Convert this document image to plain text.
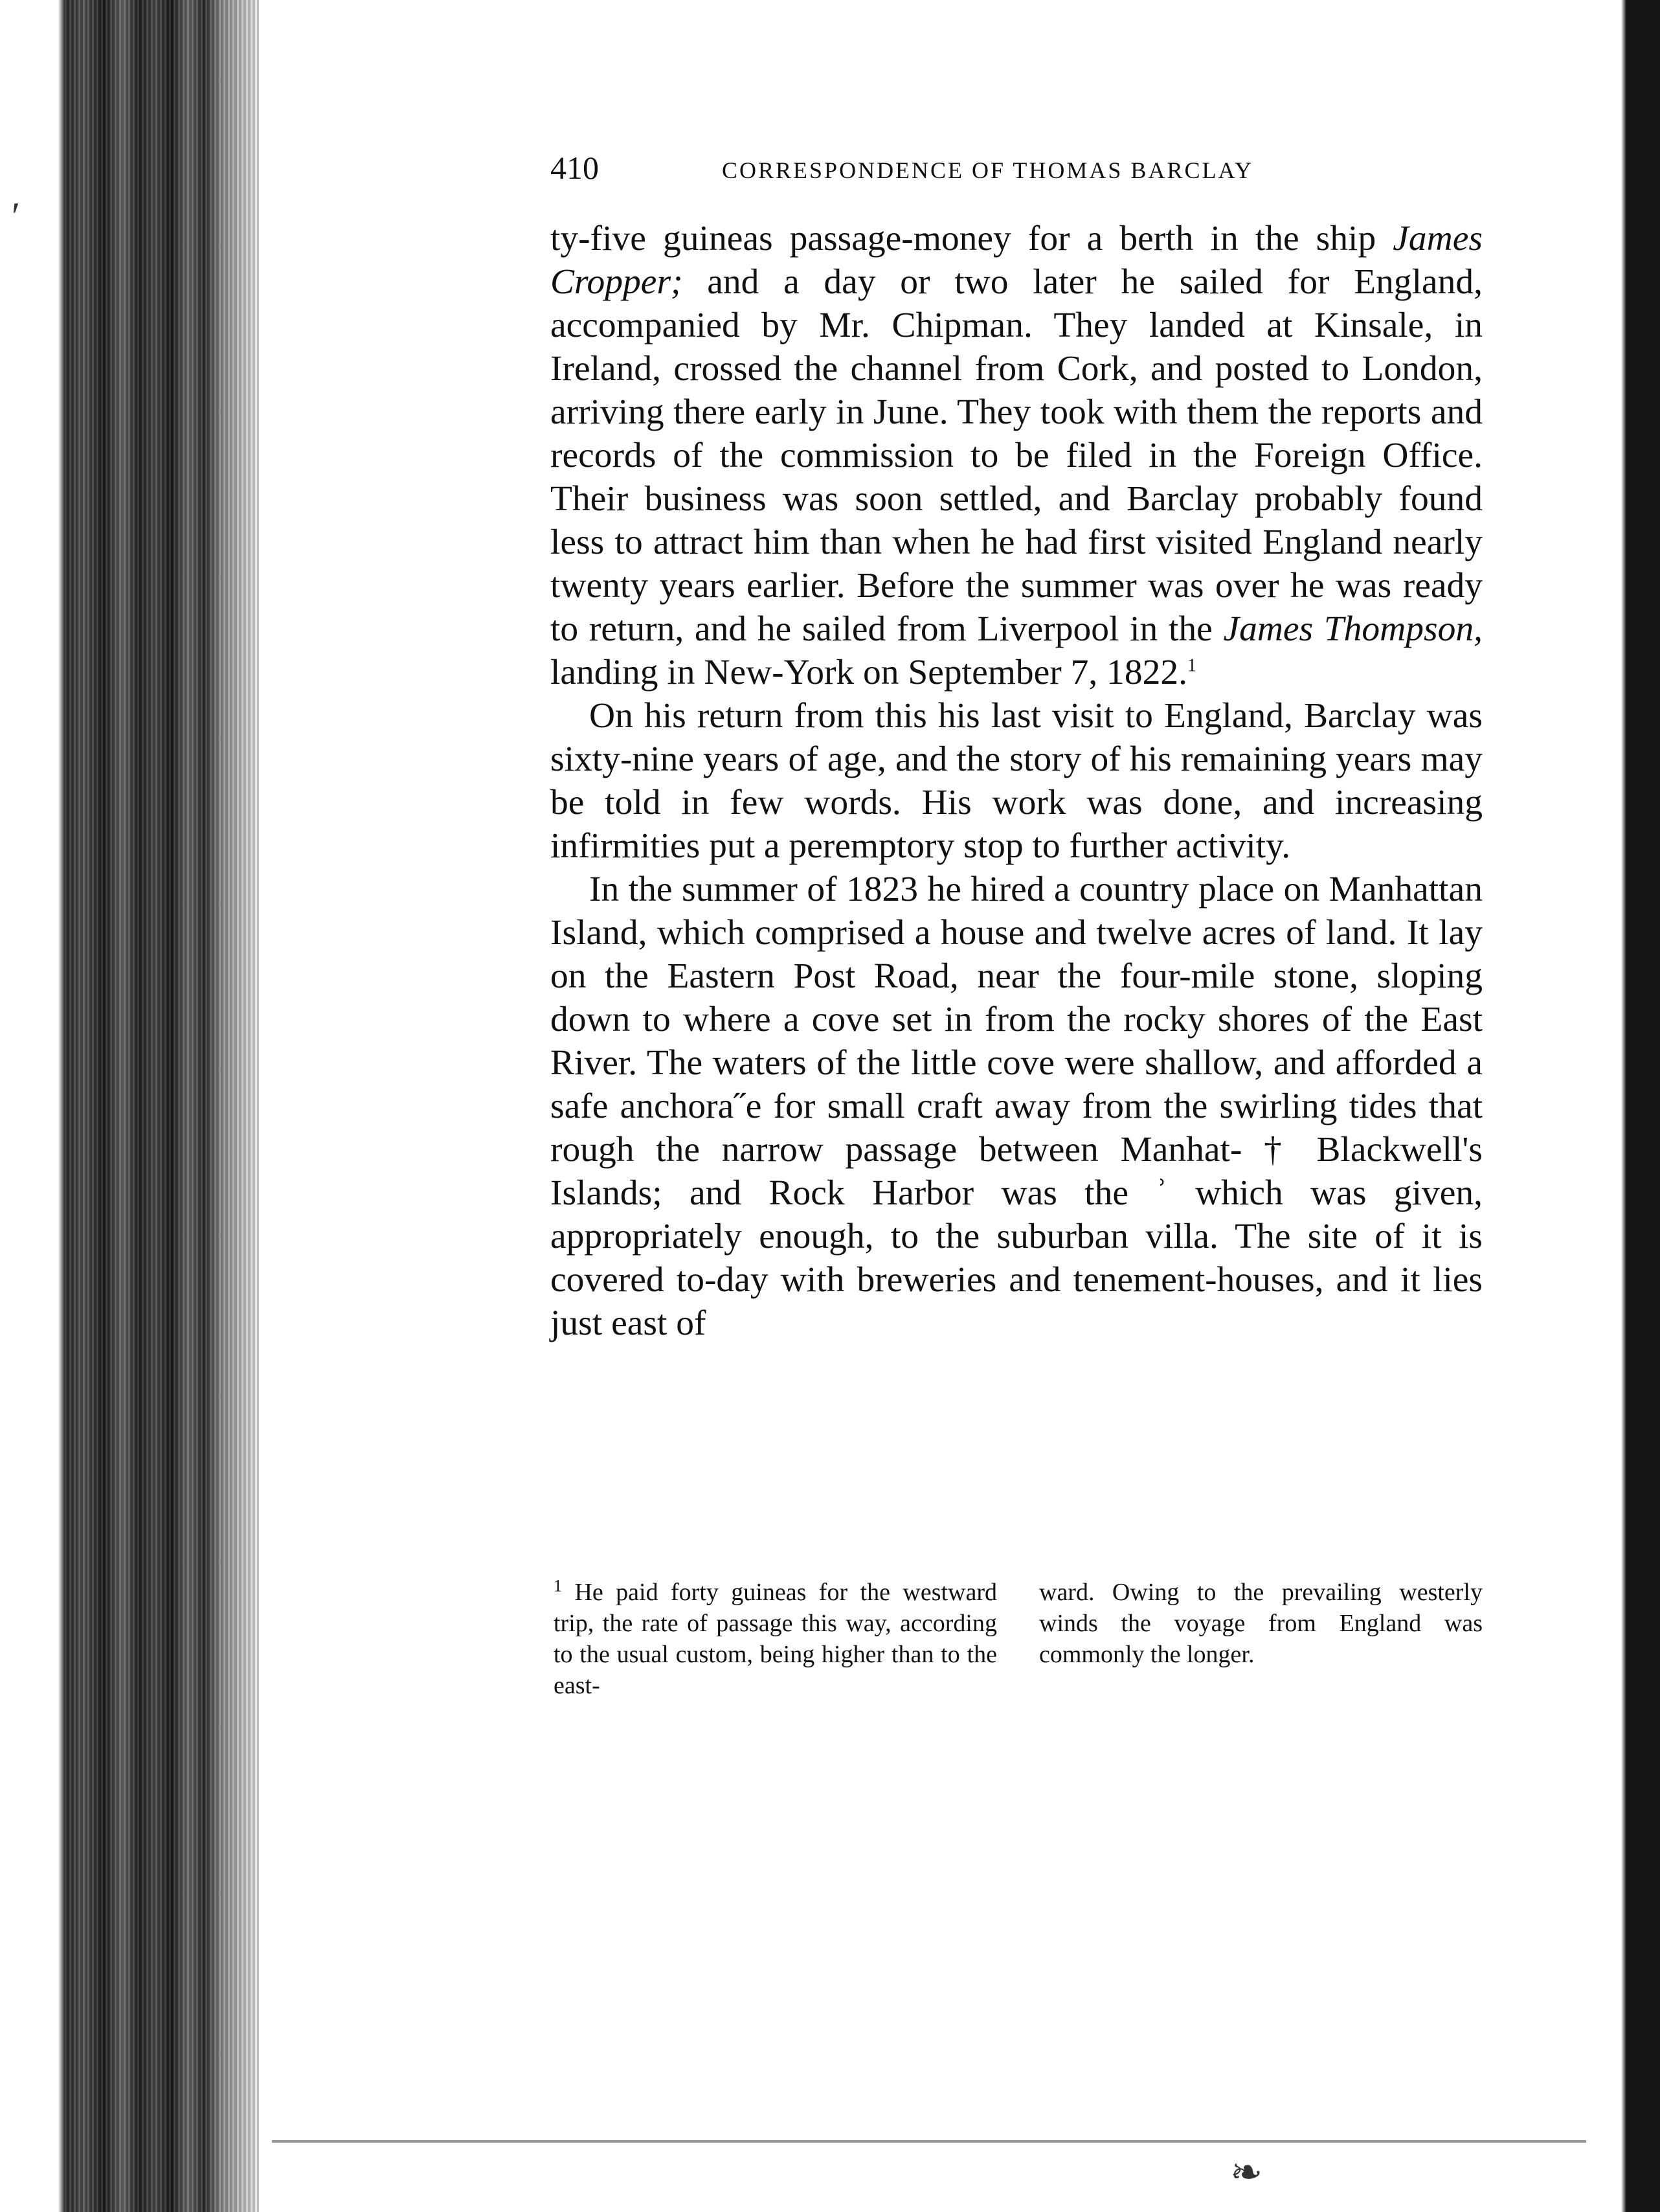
′
❧
410	CORRESPONDENCE OF THOMAS BARCLAY

ty-five guineas passage-money for a berth in the ship James Cropper; and a day or two later he sailed for England, accompanied by Mr. Chipman. They landed at Kinsale, in Ireland, crossed the channel from Cork, and posted to London, arriving there early in June. They took with them the reports and records of the commission to be filed in the Foreign Office. Their business was soon settled, and Barclay probably found less to attract him than when he had first visited England nearly twenty years earlier. Before the summer was over he was ready to return, and he sailed from Liverpool in the James Thompson, landing in New-York on September 7, 1822.$^1$

On his return from this his last visit to England, Barclay was sixty-nine years of age, and the story of his remaining years may be told in few words. His work was done, and increasing infirmities put a peremptory stop to further activity.

In the summer of 1823 he hired a country place on Manhattan Island, which comprised a house and twelve acres of land. It lay on the Eastern Post Road, near the four-mile stone, sloping down to where a cove set in from the rocky shores of the East River. The waters of the little cove were shallow, and afforded a safe anchora˝e for small craft away from the swirling tides that rough the narrow passage between Manhat- † Blackwell's Islands; and Rock Harbor was the ʾ which was given, appropriately enough, to the suburban villa. The site of it is covered to-day with breweries and tenement-houses, and it lies just east of

$^1$ He paid forty guineas for the westward trip, the rate of passage this way, according to the usual custom, being higher than to the east-
ward. Owing to the prevailing westerly winds the voyage from England was commonly the longer.
